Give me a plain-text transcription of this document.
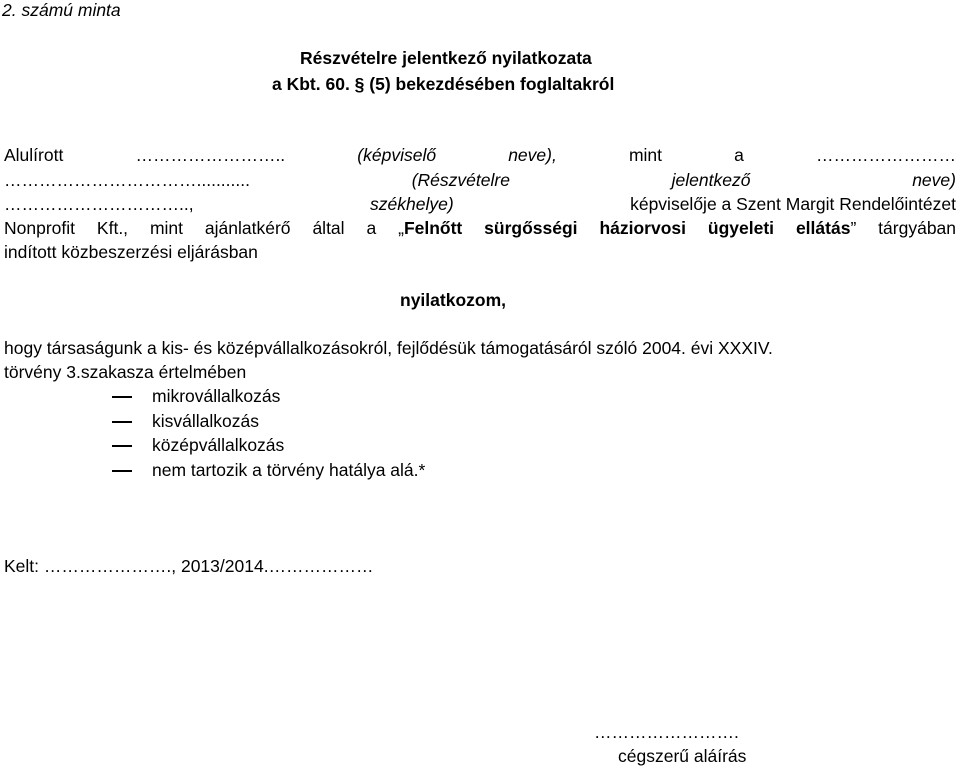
2. számú minta
Részvételre jelentkező nyilatkozata
a Kbt. 60. § (5) bekezdésében foglaltakról
Alulírott	……………………..	(képviselő	neve),	mint	a	……………………
……………………………...........	(Részvételre	jelentkező	neve)
…………………………..,	székhelye)	képviselője a Szent Margit Rendelőintézet
Nonprofit Kft., mint ajánlatkérő által a „Felnőtt sürgősségi háziorvosi ügyeleti ellátás” tárgyában
indított közbeszerzési eljárásban
nyilatkozom,
hogy társaságunk a kis- és középvállalkozásokról, fejlődésük támogatásáról szóló 2004. évi XXXIV.
törvény 3.szakasza értelmében
mikrovállalkozás
kisvállalkozás
középvállalkozás
nem tartozik a törvény hatálya alá.*
Kelt: …………………., 2013/2014.………………
…………………….
cégszerű aláírás
